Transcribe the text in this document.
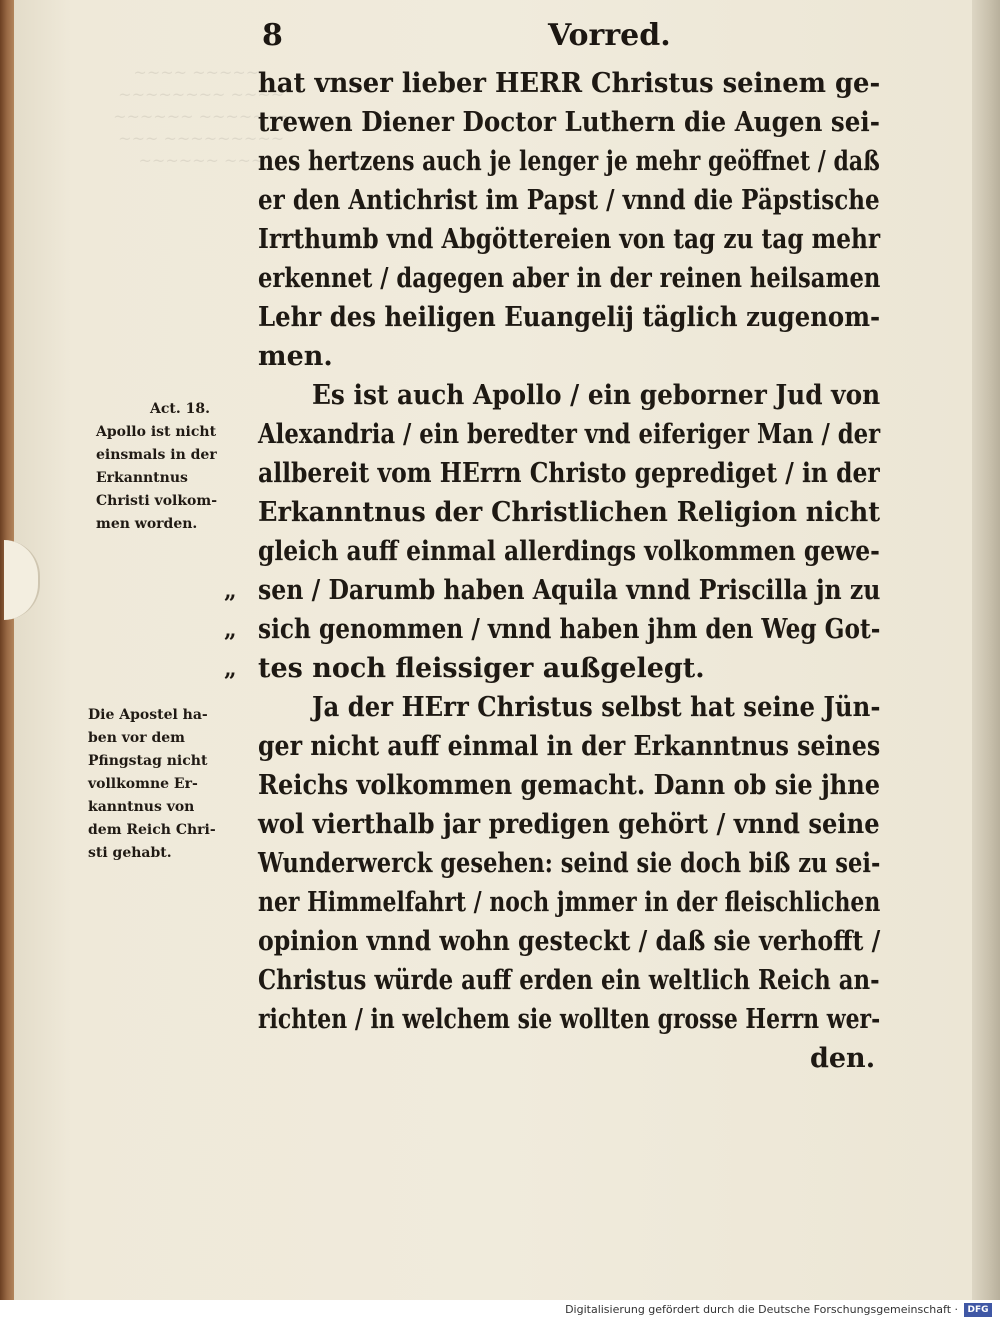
~~~~ ~~~~~
~~~~~~~~ ~~~~
~~~~~~ ~~~~~~~
~~~ ~~~~~~~~~
~~~~~~ ~~~
8	Vorred.
hat vnser lieber HERR Christus seinem ge-
trewen Diener Doctor Luthern die Augen sei-
nes hertzens auch je lenger je mehr geöffnet / daß
er den Antichrist im Papst / vnnd die Päpstische
Irrthumb vnd Abgöttereien von tag zu tag mehr
erkennet / dagegen aber in der reinen heilsamen
Lehr des heiligen Euangelij täglich zugenom-
men.
Es ist auch Apollo / ein geborner Jud von
Alexandria / ein beredter vnd eiferiger Man / der
allbereit vom HErrn Christo geprediget / in der
Erkanntnus der Christlichen Religion nicht
gleich auff einmal allerdings volkommen gewe-
sen / Darumb haben Aquila vnnd Priscilla jn zu
sich genommen / vnnd haben jhm den Weg Got-
tes noch fleissiger außgelegt.
Ja der HErr Christus selbst hat seine Jün-
ger nicht auff einmal in der Erkanntnus seines
Reichs volkommen gemacht. Dann ob sie jhne
wol vierthalb jar predigen gehört / vnnd seine
Wunderwerck gesehen: seind sie doch biß zu sei-
ner Himmelfahrt / noch jmmer in der fleischlichen
opinion vnnd wohn gesteckt / daß sie verhofft /
Christus würde auff erden ein weltlich Reich an-
richten / in welchem sie wollten grosse Herrn wer-
den.
„
„
„
Act. 18.
Apollo ist nicht
einsmals in der
Erkanntnus
Christi volkom-
men worden.
Die Apostel ha-
ben vor dem
Pfingstag nicht
vollkomne Er-
kanntnus von
dem Reich Chri-
sti gehabt.
Digitalisierung gefördert durch die Deutsche Forschungsgemeinschaft ·	DFG
